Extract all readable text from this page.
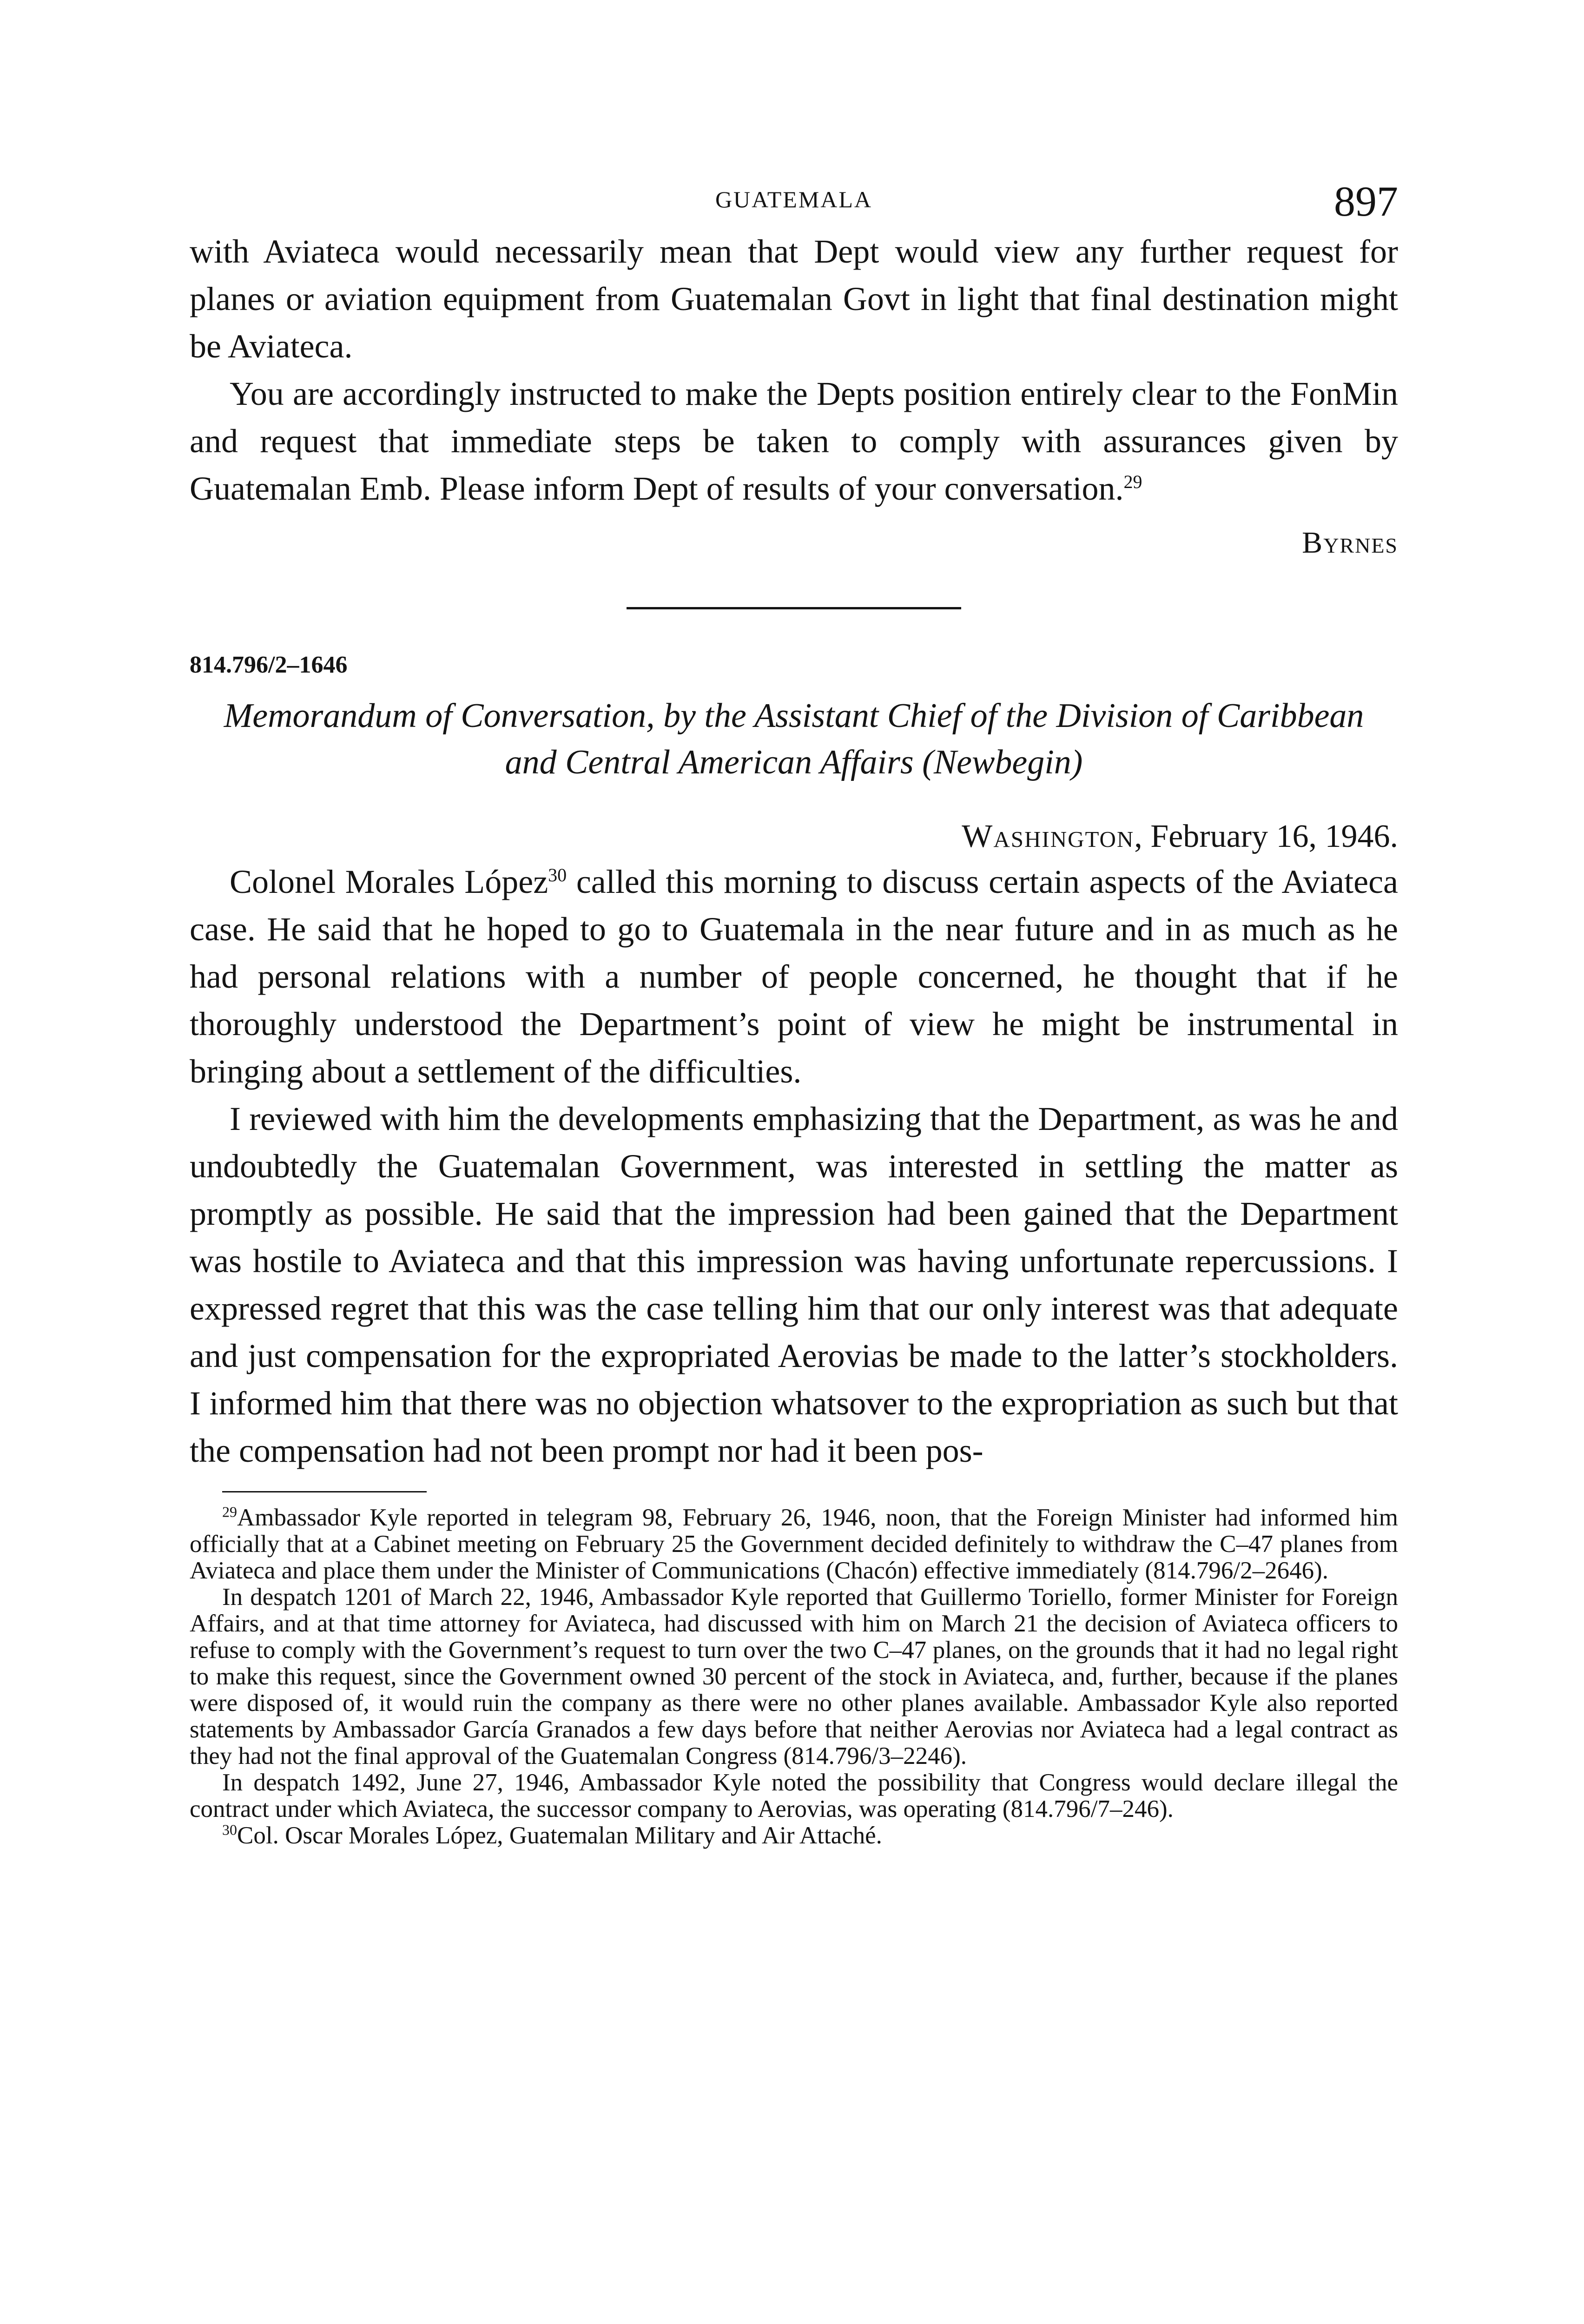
GUATEMALA	897

with Aviateca would necessarily mean that Dept would view any further request for planes or aviation equipment from Guatemalan Govt in light that final destination might be Aviateca.

You are accordingly instructed to make the Depts position entirely clear to the FonMin and request that immediate steps be taken to comply with assurances given by Guatemalan Emb. Please inform Dept of results of your conversation.$^{29}$

Byrnes
814.796/2–1646
Memorandum of Conversation, by the Assistant Chief of the Division of Caribbean and Central American Affairs (Newbegin)
Washington, February 16, 1946.

Colonel Morales López$^{30}$ called this morning to discuss certain aspects of the Aviateca case. He said that he hoped to go to Guatemala in the near future and in as much as he had personal relations with a number of people concerned, he thought that if he thoroughly understood the Department’s point of view he might be instrumental in bringing about a settlement of the difficulties.

I reviewed with him the developments emphasizing that the Department, as was he and undoubtedly the Guatemalan Government, was interested in settling the matter as promptly as possible. He said that the impression had been gained that the Department was hostile to Aviateca and that this impression was having unfortunate repercussions. I expressed regret that this was the case telling him that our only interest was that adequate and just compensation for the expropriated Aerovias be made to the latter’s stockholders. I informed him that there was no objection whatsover to the expropriation as such but that the compensation had not been prompt nor had it been pos-

$^{29}$Ambassador Kyle reported in telegram 98, February 26, 1946, noon, that the Foreign Minister had informed him officially that at a Cabinet meeting on February 25 the Government decided definitely to withdraw the C–47 planes from Aviateca and place them under the Minister of Communications (Chacón) effective immediately (814.796/2–2646).

In despatch 1201 of March 22, 1946, Ambassador Kyle reported that Guillermo Toriello, former Minister for Foreign Affairs, and at that time attorney for Aviateca, had discussed with him on March 21 the decision of Aviateca officers to refuse to comply with the Government’s request to turn over the two C–47 planes, on the grounds that it had no legal right to make this request, since the Government owned 30 percent of the stock in Aviateca, and, further, because if the planes were disposed of, it would ruin the company as there were no other planes available. Ambassador Kyle also reported statements by Ambassador García Granados a few days before that neither Aerovias nor Aviateca had a legal contract as they had not the final approval of the Guatemalan Congress (814.796/3–2246).

In despatch 1492, June 27, 1946, Ambassador Kyle noted the possibility that Congress would declare illegal the contract under which Aviateca, the successor company to Aerovias, was operating (814.796/7–246).

$^{30}$Col. Oscar Morales López, Guatemalan Military and Air Attaché.
